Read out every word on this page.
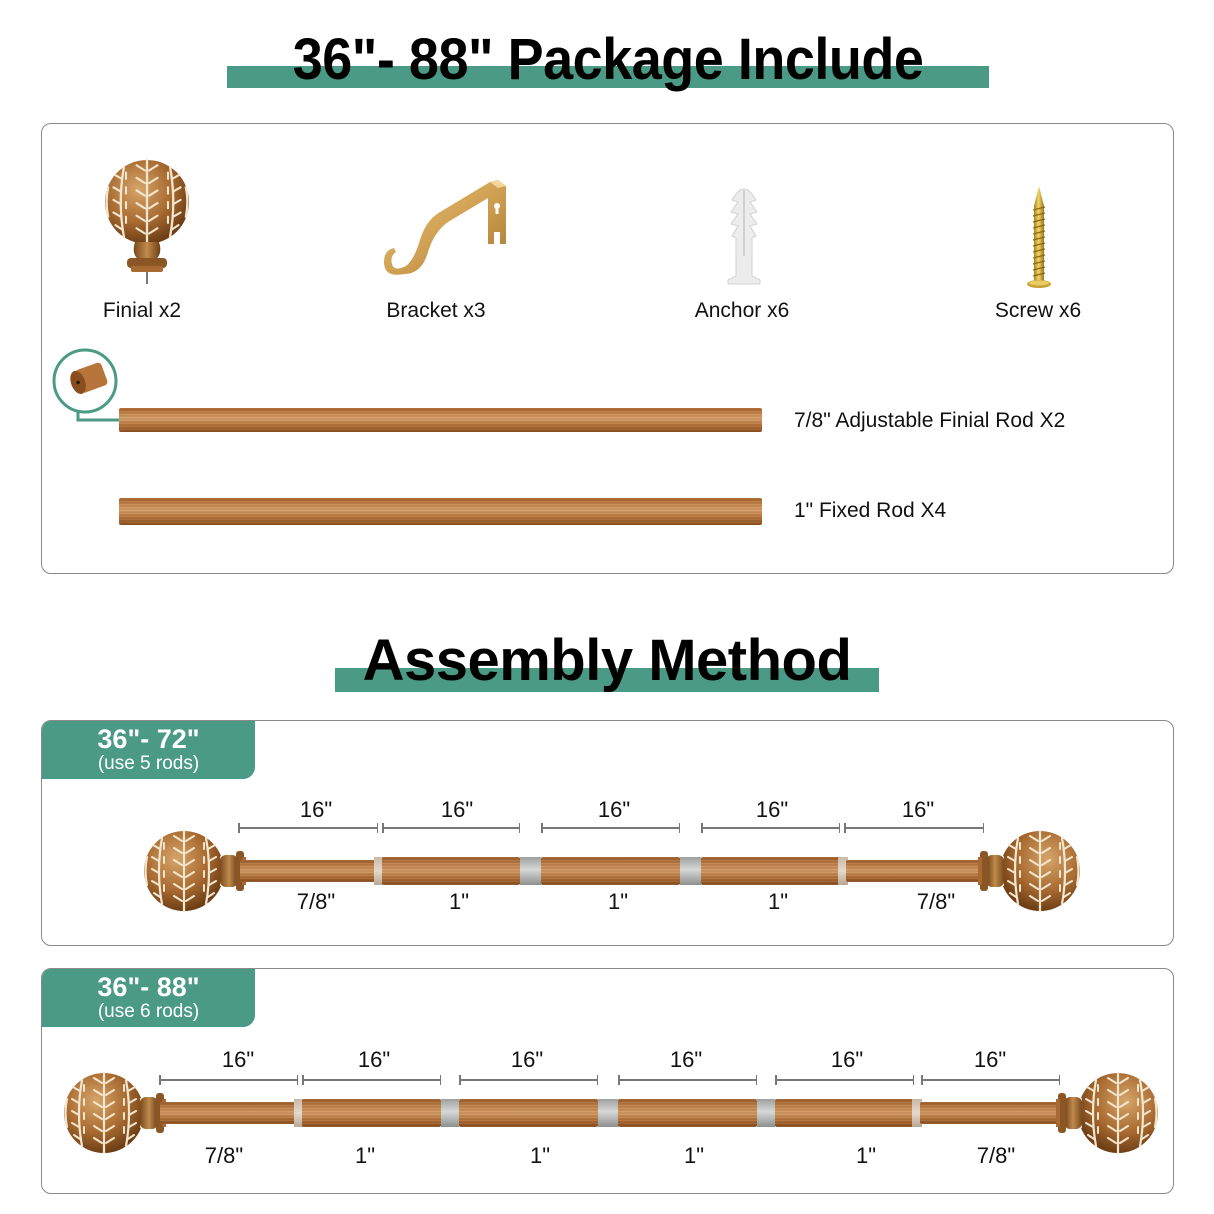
36"- 88" Package Include
Finial x2	Bracket x3	Anchor x6	Screw x6
7/8" Adjustable Finial Rod X2
1" Fixed Rod X4
Assembly Method
36"- 72"
(use 5 rods)
16"	16"	16"	16"	16"
7/8"	1"	1"	1"	7/8"
36"- 88"
(use 6 rods)
16"	16"	16"	16"	16"	16"
7/8"	1"	1"	1"	1"	7/8"
